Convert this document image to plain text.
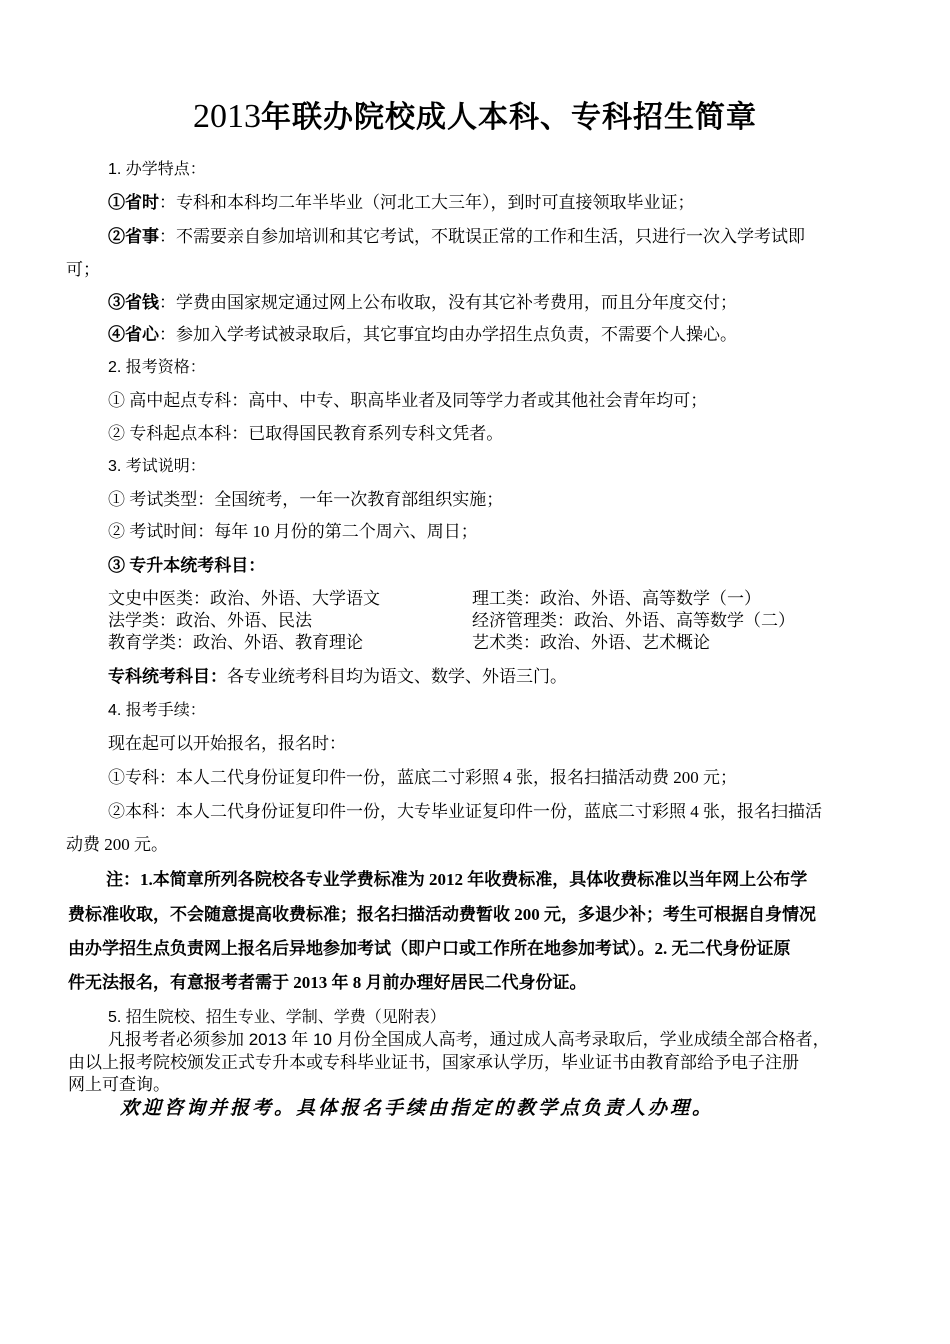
2013年联办院校成人本科、专科招生简章
1. 办学特点：
①省时：专科和本科均二年半毕业（河北工大三年），到时可直接领取毕业证；
②省事：不需要亲自参加培训和其它考试，不耽误正常的工作和生活，只进行一次入学考试即
可；
③省钱：学费由国家规定通过网上公布收取，没有其它补考费用，而且分年度交付；
④省心：参加入学考试被录取后，其它事宜均由办学招生点负责，不需要个人操心。
2. 报考资格：
① 高中起点专科：高中、中专、职高毕业者及同等学力者或其他社会青年均可；
② 专科起点本科：已取得国民教育系列专科文凭者。
3. 考试说明：
① 考试类型：全国统考，一年一次教育部组织实施；
② 考试时间：每年 10 月份的第二个周六、周日；
③ 专升本统考科目：
文史中医类：政治、外语、大学语文
法学类：政治、外语、民法
教育学类：政治、外语、教育理论
理工类：政治、外语、高等数学（一）
经济管理类：政治、外语、高等数学（二）
艺术类：政治、外语、艺术概论
专科统考科目：各专业统考科目均为语文、数学、外语三门。
4. 报考手续：
现在起可以开始报名，报名时：
①专科：本人二代身份证复印件一份，蓝底二寸彩照 4 张，报名扫描活动费 200 元；
②本科：本人二代身份证复印件一份，大专毕业证复印件一份，蓝底二寸彩照 4 张，报名扫描活
动费 200 元。
注：1.本简章所列各院校各专业学费标准为 2012 年收费标准，具体收费标准以当年网上公布学
费标准收取，不会随意提高收费标准；报名扫描活动费暂收 200 元，多退少补；考生可根据自身情况
由办学招生点负责网上报名后异地参加考试（即户口或工作所在地参加考试）。2. 无二代身份证原
件无法报名，有意报考者需于 2013 年 8 月前办理好居民二代身份证。
5. 招生院校、招生专业、学制、学费（见附表）
凡报考者必须参加 2013 年 10 月份全国成人高考，通过成人高考录取后，学业成绩全部合格者，
由以上报考院校颁发正式专升本或专科毕业证书，国家承认学历，毕业证书由教育部给予电子注册
网上可查询。
欢迎咨询并报考。具体报名手续由指定的教学点负责人办理。
